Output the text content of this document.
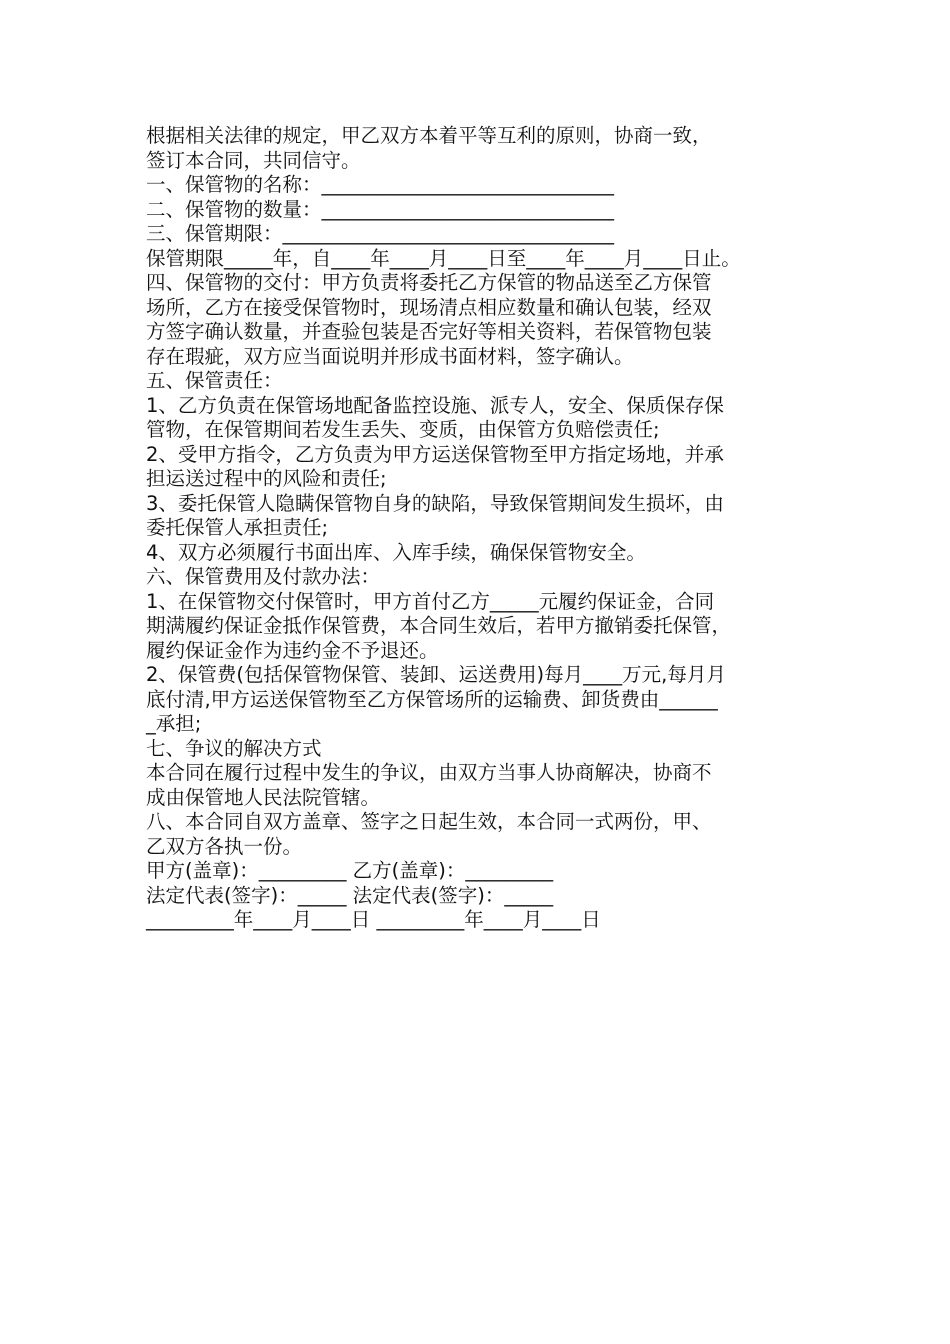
根据相关法律的规定，甲乙双方本着平等互利的原则，协商一致，
签订本合同，共同信守。
一、保管物的名称：______________________________
二、保管物的数量：______________________________
三、保管期限：__________________________________
保管期限_____年，自____年____月____日至____年____月____日止。
四、保管物的交付：甲方负责将委托乙方保管的物品送至乙方保管
场所，乙方在接受保管物时，现场清点相应数量和确认包装，经双
方签字确认数量，并查验包装是否完好等相关资料，若保管物包装
存在瑕疵，双方应当面说明并形成书面材料，签字确认。
五、保管责任：
1、乙方负责在保管场地配备监控设施、派专人，安全、保质保存保
管物，在保管期间若发生丢失、变质，由保管方负赔偿责任;
2、受甲方指令，乙方负责为甲方运送保管物至甲方指定场地，并承
担运送过程中的风险和责任;
3、委托保管人隐瞒保管物自身的缺陷，导致保管期间发生损坏，由
委托保管人承担责任;
4、双方必须履行书面出库、入库手续，确保保管物安全。
六、保管费用及付款办法：
1、在保管物交付保管时，甲方首付乙方_____元履约保证金，合同
期满履约保证金抵作保管费，本合同生效后，若甲方撤销委托保管，
履约保证金作为违约金不予退还。
2、保管费(包括保管物保管、装卸、运送费用)每月____万元,每月月
底付清,甲方运送保管物至乙方保管场所的运输费、卸货费由______
_承担;
七、争议的解决方式
本合同在履行过程中发生的争议，由双方当事人协商解决，协商不
成由保管地人民法院管辖。
八、本合同自双方盖章、签字之日起生效，本合同一式两份，甲、
乙双方各执一份。
甲方(盖章)：_________ 乙方(盖章)：_________
法定代表(签字)：_____ 法定代表(签字)：_____
_________年____月____日 _________年____月____日
